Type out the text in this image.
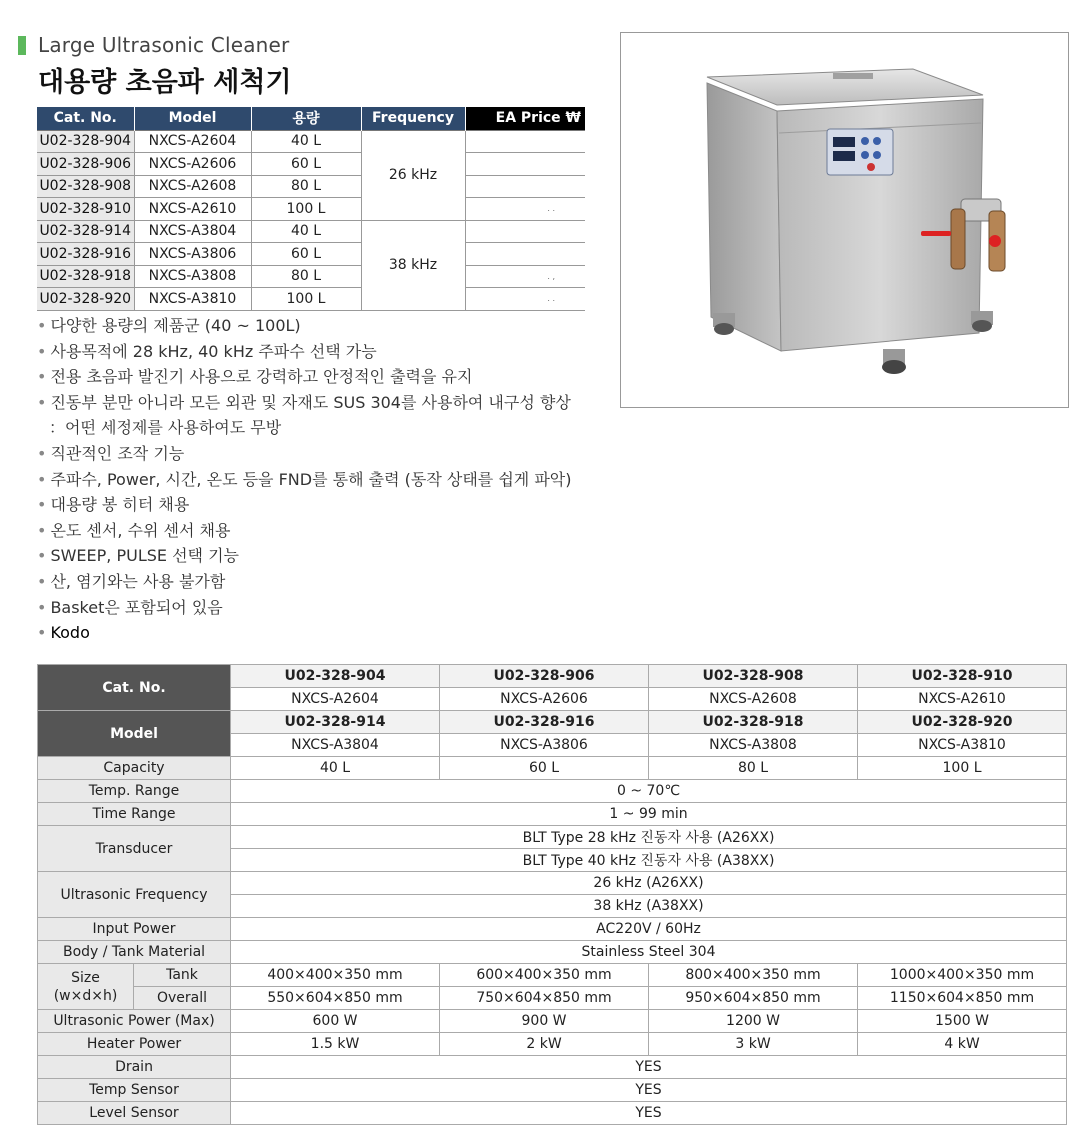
Large Ultrasonic Cleaner
대용량 초음파 세척기
Cat. No.	Model	용량	Frequency	EA Price ₩
U02-328-904	NXCS-A2604	40 L	26 kHz	
U02-328-906	NXCS-A2606	60 L		
U02-328-908	NXCS-A2608	80 L		
U02-328-910	NXCS-A2610	100 L		. .
U02-328-914	NXCS-A3804	40 L	38 kHz	
U02-328-916	NXCS-A3806	60 L		
U02-328-918	NXCS-A3808	80 L		. ,
U02-328-920	NXCS-A3810	100 L		. .
• 다양한 용량의 제품군 (40 ~ 100L)
• 사용목적에 28 kHz, 40 kHz 주파수 선택 가능
• 전용 초음파 발진기 사용으로 강력하고 안정적인 출력을 유지
• 진동부 분만 아니라 모든 외관 및 자재도 SUS 304를 사용하여 내구성 향상
：어떤 세정제를 사용하여도 무방
• 직관적인 조작 기능
• 주파수, Power, 시간, 온도 등을 FND를 통해 출력 (동작 상태를 쉽게 파악)
• 대용량 봉 히터 채용
• 온도 센서, 수위 센서 채용
• SWEEP, PULSE 선택 기능
• 산, 염기와는 사용 불가함
• Basket은 포함되어 있음
• Kodo
Cat. No.		U02-328-904	U02-328-906	U02-328-908	U02-328-910
		NXCS-A2604	NXCS-A2606	NXCS-A2608	NXCS-A2610
Model		U02-328-914	U02-328-916	U02-328-918	U02-328-920
		NXCS-A3804	NXCS-A3806	NXCS-A3808	NXCS-A3810
Capacity		40 L	60 L	80 L	100 L
Temp. Range		0 ~ 70℃			
Time Range		1 ~ 99 min			
Transducer		BLT Type 28 kHz 진동자 사용 (A26XX)			
		BLT Type 40 kHz 진동자 사용 (A38XX)			
Ultrasonic Frequency		26 kHz (A26XX)			
		38 kHz (A38XX)			
Input Power		AC220V / 60Hz			
Body / Tank Material		Stainless Steel 304			
Size
(w×d×h)	Tank	400×400×350 mm	600×400×350 mm	800×400×350 mm	1000×400×350 mm
	Overall	550×604×850 mm	750×604×850 mm	950×604×850 mm	1150×604×850 mm
Ultrasonic Power (Max)		600 W	900 W	1200 W	1500 W
Heater Power		1.5 kW	2 kW	3 kW	4 kW
Drain		YES			
Temp Sensor		YES			
Level Sensor		YES			
